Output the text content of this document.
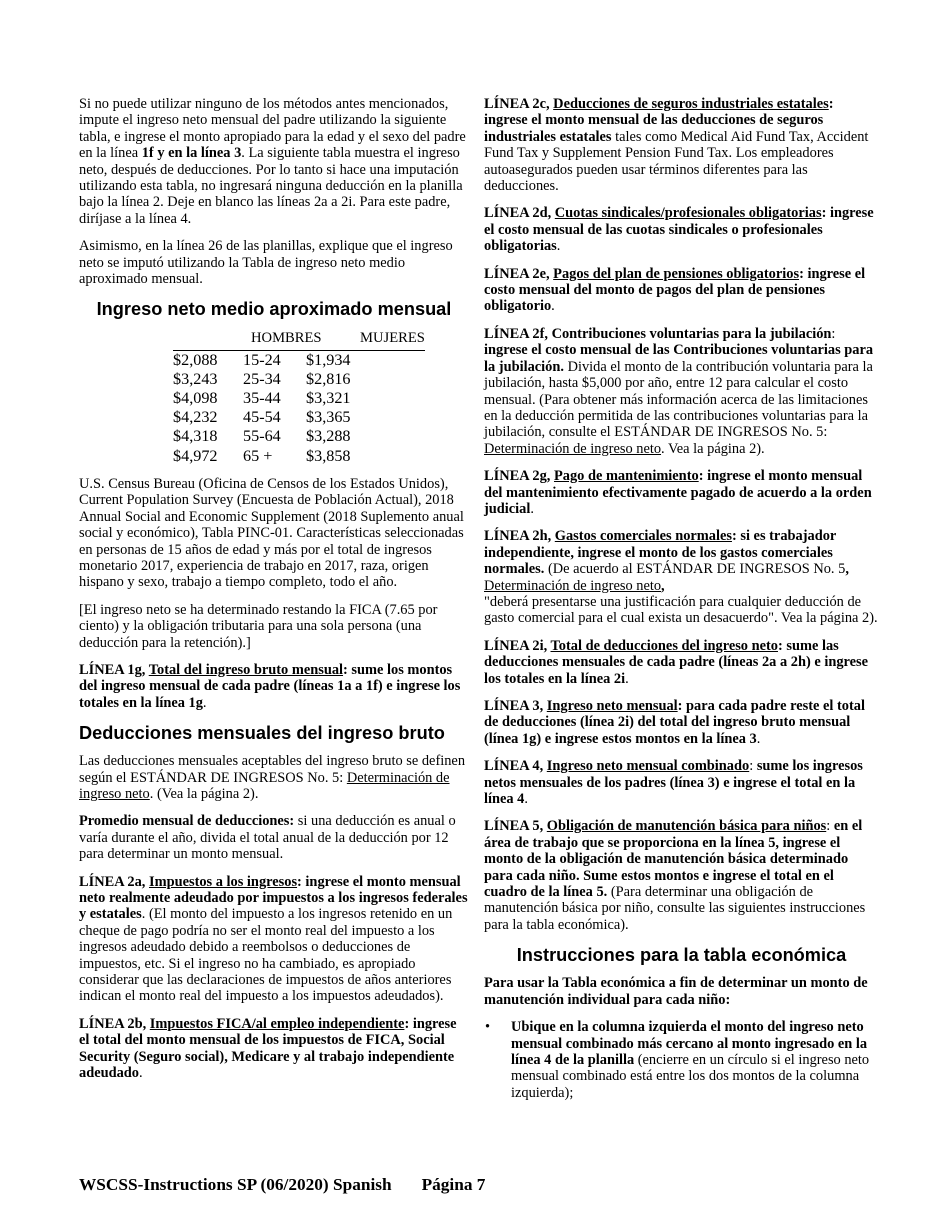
Si no puede utilizar ninguno de los métodos antes mencionados, impute el ingreso neto mensual del padre utilizando la siguiente tabla, e ingrese el monto apropiado para la edad y el sexo del padre en la línea 1f y en la línea 3. La siguiente tabla muestra el ingreso neto, después de deducciones. Por lo tanto si hace una imputación utilizando esta tabla, no ingresará ninguna deducción en la planilla bajo la línea 2. Deje en blanco las líneas 2a a 2i. Para este padre, diríjase a la línea 4.

Asimismo, en la línea 26 de las planillas, explique que el ingreso neto se imputó utilizando la Tabla de ingreso neto medio aproximado mensual.

Ingreso neto medio aproximado mensual
	HOMBRES		MUJERES
$2,088	15-24	$1,934	
$3,243	25-34	$2,816	
$4,098	35-44	$3,321	
$4,232	45-54	$3,365	
$4,318	55-64	$3,288	
$4,972	65 +	$3,858	

U.S. Census Bureau (Oficina de Censos de los Estados Unidos), Current Population Survey (Encuesta de Población Actual), 2018 Annual Social and Economic Supplement (2018 Suplemento anual social y económico), Tabla PINC-01. Características seleccionadas en personas de 15 años de edad y más por el total de ingresos monetario 2017, experiencia de trabajo en 2017, raza, origen hispano y sexo, trabajo a tiempo completo, todo el año.

[El ingreso neto se ha determinado restando la FICA (7.65 por ciento) y la obligación tributaria para una sola persona (una deducción para la retención).]

LÍNEA 1g, Total del ingreso bruto mensual: sume los montos del ingreso mensual de cada padre (líneas 1a a 1f) e ingrese los totales en la línea 1g.

Deducciones mensuales del ingreso bruto

Las deducciones mensuales aceptables del ingreso bruto se definen según el ESTÁNDAR DE INGRESOS No. 5: Determinación de ingreso neto. (Vea la página 2).

Promedio mensual de deducciones: si una deducción es anual o varía durante el año, divida el total anual de la deducción por 12 para determinar un monto mensual.

LÍNEA 2a, Impuestos a los ingresos: ingrese el monto mensual neto realmente adeudado por impuestos a los ingresos federales y estatales. (El monto del impuesto a los ingresos retenido en un cheque de pago podría no ser el monto real del impuesto a los ingresos adeudado debido a reembolsos o deducciones de impuestos, etc. Si el ingreso no ha cambiado, es apropiado considerar que las declaraciones de impuestos de años anteriores indican el monto real del impuesto a los impuestos adeudados).

LÍNEA 2b, Impuestos FICA/al empleo independiente: ingrese el total del monto mensual de los impuestos de FICA, Social Security (Seguro social), Medicare y al trabajo independiente adeudado.

LÍNEA 2c, Deducciones de seguros industriales estatales: ingrese el monto mensual de las deducciones de seguros industriales estatales tales como Medical Aid Fund Tax, Accident Fund Tax y Supplement Pension Fund Tax. Los empleadores autoasegurados pueden usar términos diferentes para las deducciones.

LÍNEA 2d, Cuotas sindicales/profesionales obligatorias: ingrese el costo mensual de las cuotas sindicales o profesionales obligatorias.

LÍNEA 2e, Pagos del plan de pensiones obligatorios: ingrese el costo mensual del monto de pagos del plan de pensiones obligatorio.

LÍNEA 2f, Contribuciones voluntarias para la jubilación: ingrese el costo mensual de las Contribuciones voluntarias para la jubilación. Divida el monto de la contribución voluntaria para la jubilación, hasta $5,000 por año, entre 12 para calcular el costo mensual. (Para obtener más información acerca de las limitaciones en la deducción permitida de las contribuciones voluntarias para la jubilación, consulte el ESTÁNDAR DE INGRESOS No. 5: Determinación de ingreso neto. Vea la página 2).

LÍNEA 2g, Pago de mantenimiento: ingrese el monto mensual del mantenimiento efectivamente pagado de acuerdo a la orden judicial.

LÍNEA 2h, Gastos comerciales normales: si es trabajador independiente, ingrese el monto de los gastos comerciales normales. (De acuerdo al ESTÁNDAR DE INGRESOS No. 5, Determinación de ingreso neto,
"deberá presentarse una justificación para cualquier deducción de gasto comercial para el cual exista un desacuerdo". Vea la página 2).

LÍNEA 2i, Total de deducciones del ingreso neto: sume las deducciones mensuales de cada padre (líneas 2a a 2h) e ingrese los totales en la línea 2i.

LÍNEA 3, Ingreso neto mensual: para cada padre reste el total de deducciones (línea 2i) del total del ingreso bruto mensual (línea 1g) e ingrese estos montos en la línea 3.

LÍNEA 4, Ingreso neto mensual combinado: sume los ingresos netos mensuales de los padres (línea 3) e ingrese el total en la línea 4.

LÍNEA 5, Obligación de manutención básica para niños: en el área de trabajo que se proporciona en la línea 5, ingrese el monto de la obligación de manutención básica determinado para cada niño. Sume estos montos e ingrese el total en el cuadro de la línea 5. (Para determinar una obligación de manutención básica por niño, consulte las siguientes instrucciones para la tabla económica).

Instrucciones para la tabla económica

Para usar la Tabla económica a fin de determinar un monto de manutención individual para cada niño:

• Ubique en la columna izquierda el monto del ingreso neto mensual combinado más cercano al monto ingresado en la línea 4 de la planilla (encierre en un círculo si el ingreso neto mensual combinado está entre los dos montos de la columna izquierda);
WSCSS-Instructions SP (06/2020) Spanish Página 7
